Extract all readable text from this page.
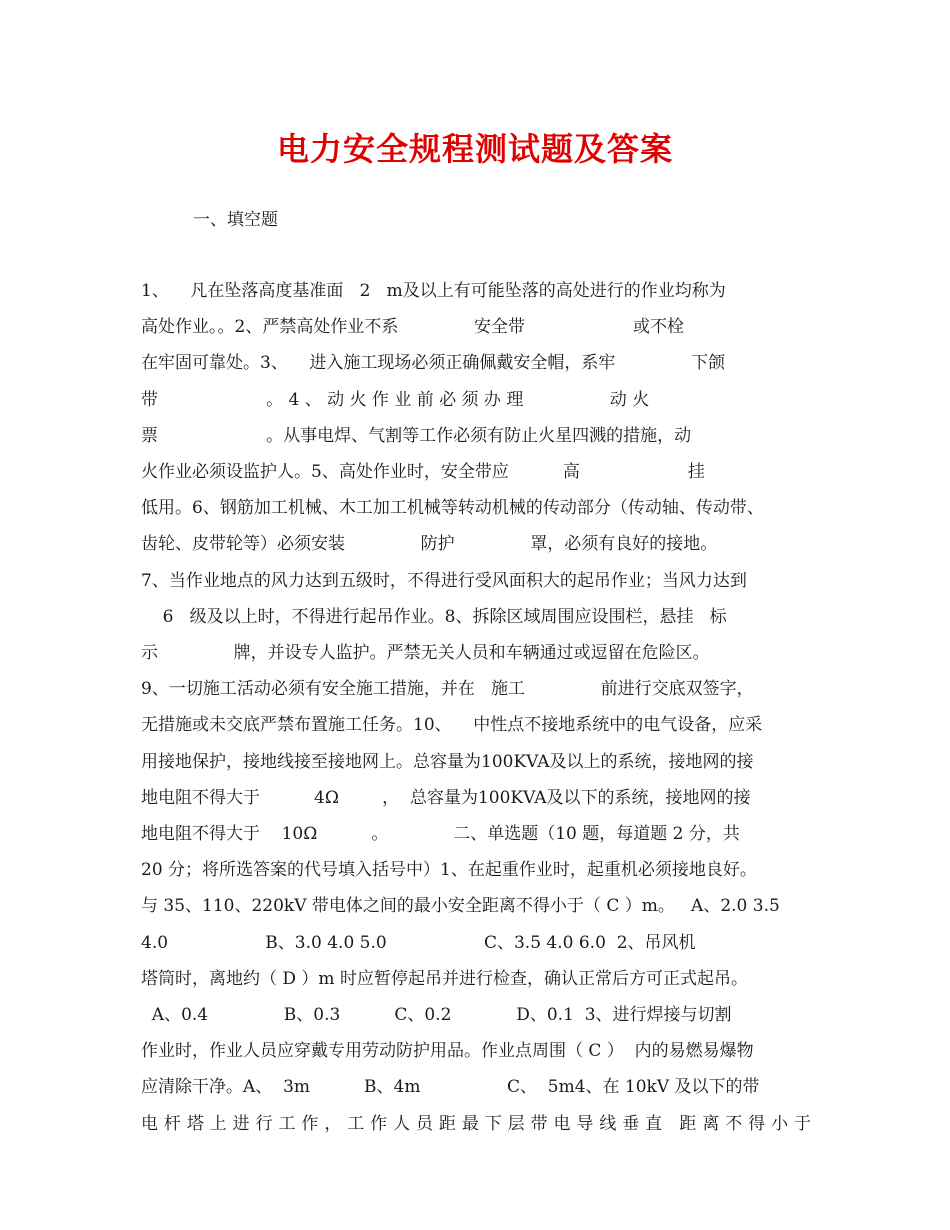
电力安全规程测试题及答案
一、填空题
1、    凡在坠落高度基准面   2   m及以上有可能坠落的高处进行的作业均称为
高处作业。。2、严禁高处作业不系              安全带                    或不栓
在牢固可靠处。3、    进入施工现场必须正确佩戴安全帽，系牢              下颌
带                    。 4 、 动 火 作 业 前 必 须 办 理                动 火
票                    。从事电焊、气割等工作必须有防止火星四溅的措施，动
火作业必须设监护人。5、高处作业时，安全带应          高                    挂
低用。6、钢筋加工机械、木工加工机械等转动机械的传动部分（传动轴、传动带、
齿轮、皮带轮等）必须安装              防护              罩，必须有良好的接地。
7、当作业地点的风力达到五级时，不得进行受风面积大的起吊作业；当风力达到
6   级及以上时，不得进行起吊作业。8、拆除区域周围应设围栏，悬挂   标
示              牌，并设专人监护。严禁无关人员和车辆通过或逗留在危险区。
9、一切施工活动必须有安全施工措施，并在   施工              前进行交底双签字，
无措施或未交底严禁布置施工任务。10、    中性点不接地系统中的电气设备，应采
用接地保护，接地线接至接地网上。总容量为100KVA及以上的系统，接地网的接
地电阻不得大于          4Ω        ，  总容量为100KVA及以下的系统，接地网的接
地电阻不得大于    10Ω          。            二、单选题（10 题，每道题 2 分，共
20 分；将所选答案的代号填入括号中）1、在起重作业时，起重机必须接地良好。
与 35、110、220kV 带电体之间的最小安全距离不得小于（ C ）m。   A、2.0 3.5
4.0                  B、3.0 4.0 5.0                  C、3.5 4.0 6.0  2、吊风机
塔筒时，离地约（ D ）m 时应暂停起吊并进行检查，确认正常后方可正式起吊。
A、0.4              B、0.3          C、0.2            D、0.1  3、进行焊接与切割
作业时，作业人员应穿戴专用劳动防护用品。作业点周围（ C ）  内的易燃易爆物
应清除干净。A、  3m          B、4m                C、  5m4、在 10kV 及以下的带
电 杆 塔 上 进 行 工 作 ， 工 作 人 员 距 最 下 层 带 电 导 线 垂 直   距 离 不 得 小 于
